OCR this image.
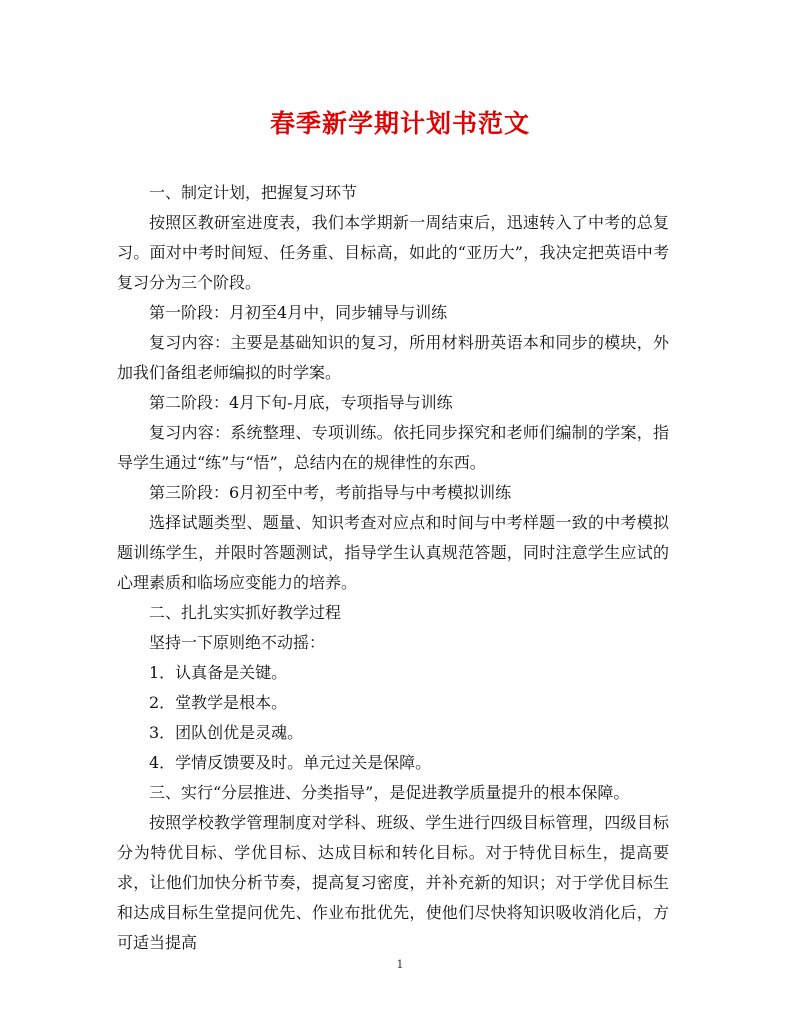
春季新学期计划书范文

一、制定计划，把握复习环节

按照区教研室进度表，我们本学期新一周结束后，迅速转入了中考的总复习。面对中考时间短、任务重、目标高，如此的“亚历大”，我决定把英语中考复习分为三个阶段。

第一阶段：月初至4月中，同步辅导与训练

复习内容：主要是基础知识的复习，所用材料册英语本和同步的模块，外加我们备组老师编拟的时学案。

第二阶段：4月下旬-月底，专项指导与训练

复习内容：系统整理、专项训练。依托同步探究和老师们编制的学案，指导学生通过“练”与“悟”，总结内在的规律性的东西。

第三阶段：6月初至中考，考前指导与中考模拟训练

选择试题类型、题量、知识考查对应点和时间与中考样题一致的中考模拟题训练学生，并限时答题测试，指导学生认真规范答题，同时注意学生应试的心理素质和临场应变能力的培养。

二、扎扎实实抓好教学过程

坚持一下原则绝不动摇：

1．认真备是关键。

2．堂教学是根本。

3．团队创优是灵魂。

4．学情反馈要及时。单元过关是保障。

三、实行“分层推进、分类指导”，是促进教学质量提升的根本保障。

按照学校教学管理制度对学科、班级、学生进行四级目标管理，四级目标分为特优目标、学优目标、达成目标和转化目标。对于特优目标生，提高要求，让他们加快分析节奏，提高复习密度，并补充新的知识；对于学优目标生和达成目标生堂提问优先、作业布批优先，使他们尽快将知识吸收消化后，方可适当提高

1
